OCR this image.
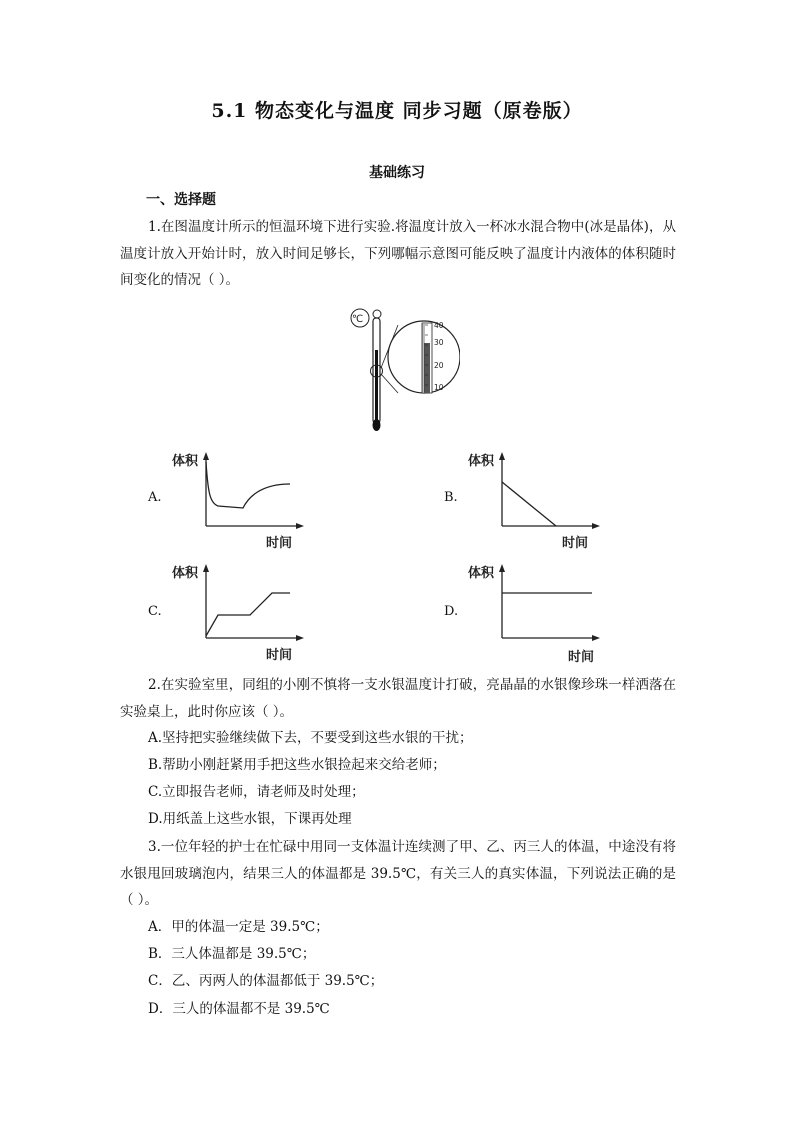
5.1 物态变化与温度 同步习题（原卷版）
基础练习
一、选择题
1.在图温度计所示的恒温环境下进行实验.将温度计放入一杯冰水混合物中(冰是晶体)，从温度计放入开始计时，放入时间足够长，下列哪幅示意图可能反映了温度计内液体的体积随时间变化的情况（ ）。
℃
40
30
20
10
A.
体积
时间
B.
体积
时间
C.
体积
时间
D.
体积
时间
2.在实验室里，同组的小刚不慎将一支水银温度计打破，亮晶晶的水银像珍珠一样洒落在实验桌上，此时你应该（ ）。
A.坚持把实验继续做下去，不要受到这些水银的干扰；
B.帮助小刚赶紧用手把这些水银捡起来交给老师；
C.立即报告老师，请老师及时处理；
D.用纸盖上这些水银，下课再处理
3.一位年轻的护士在忙碌中用同一支体温计连续测了甲、乙、丙三人的体温，中途没有将水银甩回玻璃泡内，结果三人的体温都是 39.5℃，有关三人的真实体温，下列说法正确的是（ ）。
A．甲的体温一定是 39.5℃；
B．三人体温都是 39.5℃；
C．乙、丙两人的体温都低于 39.5℃；
D．三人的体温都不是 39.5℃
